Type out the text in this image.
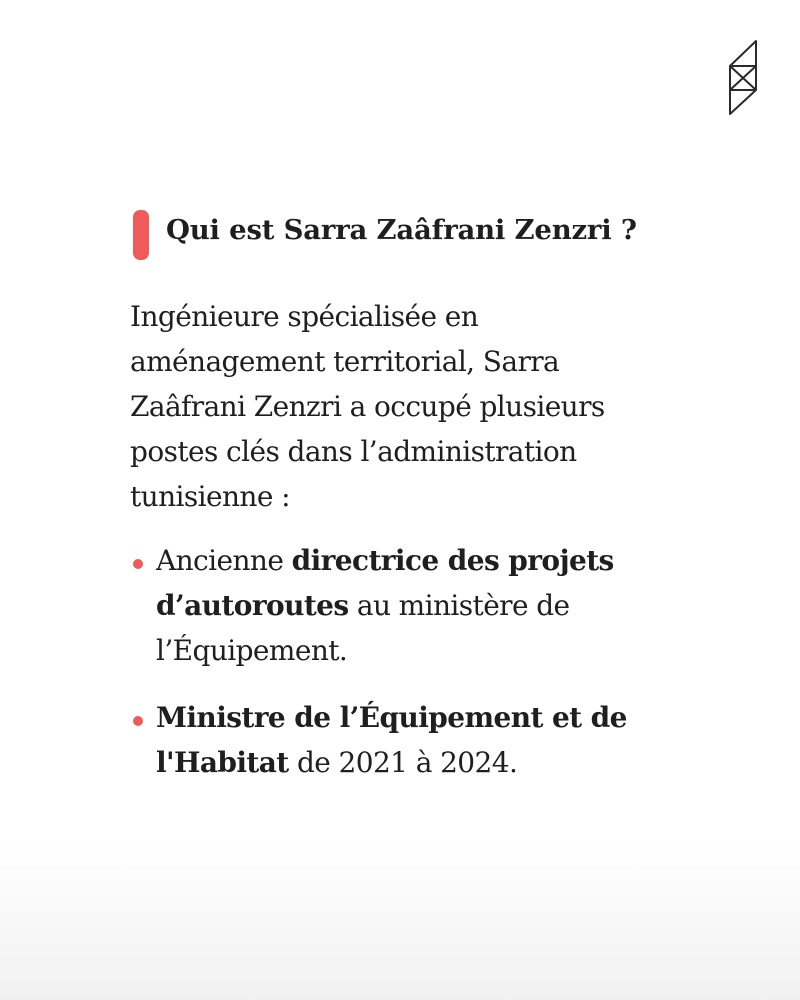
Qui est Sarra Zaâfrani Zenzri ?

Ingénieure spécialisée en
aménagement territorial, Sarra
Zaâfrani Zenzri a occupé plusieurs
postes clés dans l’administration
tunisienne :

Ancienne directrice des projets
d’autoroutes au ministère de
l’Équipement.

Ministre de l’Équipement et de
l'Habitat de 2021 à 2024.
